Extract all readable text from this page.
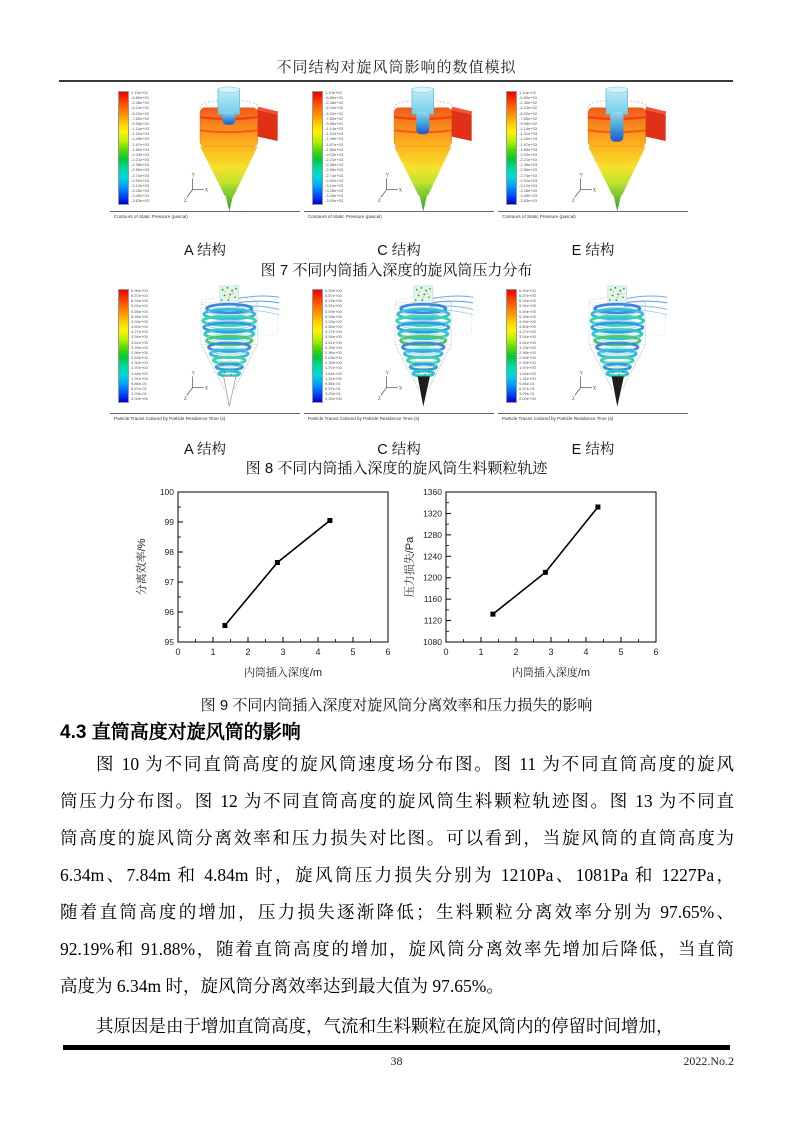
不同结构对旋风筒影响的数值模拟
1.10e+02
-6.80e+01
-2.46e+02
-4.24e+02
-6.02e+02
-7.80e+02
-9.58e+02
-1.14e+03
-1.31e+03
-1.49e+03
-1.67e+03
-1.85e+03
-2.03e+03
-2.21e+03
-2.38e+03
-2.56e+03
-2.74e+03
-2.92e+03
-3.10e+03
-3.28e+03
-3.45e+03
-3.63e+03
Y
X
Z
Contours of Static Pressure (pascal)
1.10e+02
-6.80e+01
-2.46e+02
-4.24e+02
-6.02e+02
-7.80e+02
-9.58e+02
-1.14e+03
-1.31e+03
-1.49e+03
-1.67e+03
-1.85e+03
-2.03e+03
-2.21e+03
-2.38e+03
-2.56e+03
-2.74e+03
-2.92e+03
-3.10e+03
-3.28e+03
-3.45e+03
-3.63e+03
Y
X
Z
Contours of Static Pressure (pascal)
1.10e+02
-6.80e+01
-2.46e+02
-4.24e+02
-6.02e+02
-7.80e+02
-9.58e+02
-1.14e+03
-1.31e+03
-1.49e+03
-1.67e+03
-1.85e+03
-2.03e+03
-2.21e+03
-2.38e+03
-2.56e+03
-2.74e+03
-2.92e+03
-3.10e+03
-3.28e+03
-3.45e+03
-3.63e+03
Y
X
Z
Contours of Static Pressure (pascal)
A 结构	C 结构	E 结构
图 7 不同内筒插入深度的旋风筒压力分布
6.90e+00
6.57e+00
6.24e+00
5.91e+00
5.59e+00
5.26e+00
4.93e+00
4.60e+00
4.27e+00
3.94e+00
3.61e+00
3.29e+00
2.96e+00
2.63e+00
2.30e+00
1.97e+00
1.64e+00
1.31e+00
9.86e-01
6.57e-01
3.29e-01
0.00e+00
Y
X
Z
Particle Traces Colored by Particle Residence Time (s)
6.90e+00
6.57e+00
6.24e+00
5.91e+00
5.59e+00
5.26e+00
4.93e+00
4.60e+00
4.27e+00
3.94e+00
3.61e+00
3.29e+00
2.96e+00
2.63e+00
2.30e+00
1.97e+00
1.64e+00
1.31e+00
9.86e-01
6.57e-01
3.29e-01
0.00e+00
Y
X
Z
Particle Traces Colored by Particle Residence Time (s)
6.90e+00
6.57e+00
6.24e+00
5.91e+00
5.59e+00
5.26e+00
4.93e+00
4.60e+00
4.27e+00
3.94e+00
3.61e+00
3.29e+00
2.96e+00
2.63e+00
2.30e+00
1.97e+00
1.64e+00
1.31e+00
9.86e-01
6.57e-01
3.29e-01
0.00e+00
Y
X
Z
Particle Traces Colored by Particle Residence Time (s)
A 结构	C 结构	E 结构
图 8 不同内筒插入深度的旋风筒生料颗粒轨迹
0	1	2	3	4	5	6
95
96
97
98
99
100
内筒插入深度/m
分离效率/%
0	1	2	3	4	5	6
1080
1120
1160
1200
1240
1280
1320
1360
内筒插入深度/m
压力损失/Pa
图 9 不同内筒插入深度对旋风筒分离效率和压力损失的影响
4.3 直筒高度对旋风筒的影响
图 10 为不同直筒高度的旋风筒速度场分布图。图 11 为不同直筒高度的旋风
筒压力分布图。图 12 为不同直筒高度的旋风筒生料颗粒轨迹图。图 13 为不同直
筒高度的旋风筒分离效率和压力损失对比图。可以看到，当旋风筒的直筒高度为
6.34m、7.84m 和 4.84m 时，旋风筒压力损失分别为 1210Pa、1081Pa 和 1227Pa，
随着直筒高度的增加，压力损失逐渐降低；生料颗粒分离效率分别为 97.65%、
92.19%和 91.88%，随着直筒高度的增加，旋风筒分离效率先增加后降低，当直筒
高度为 6.34m 时，旋风筒分离效率达到最大值为 97.65%。
其原因是由于增加直筒高度，气流和生料颗粒在旋风筒内的停留时间增加，
38	2022.No.2
